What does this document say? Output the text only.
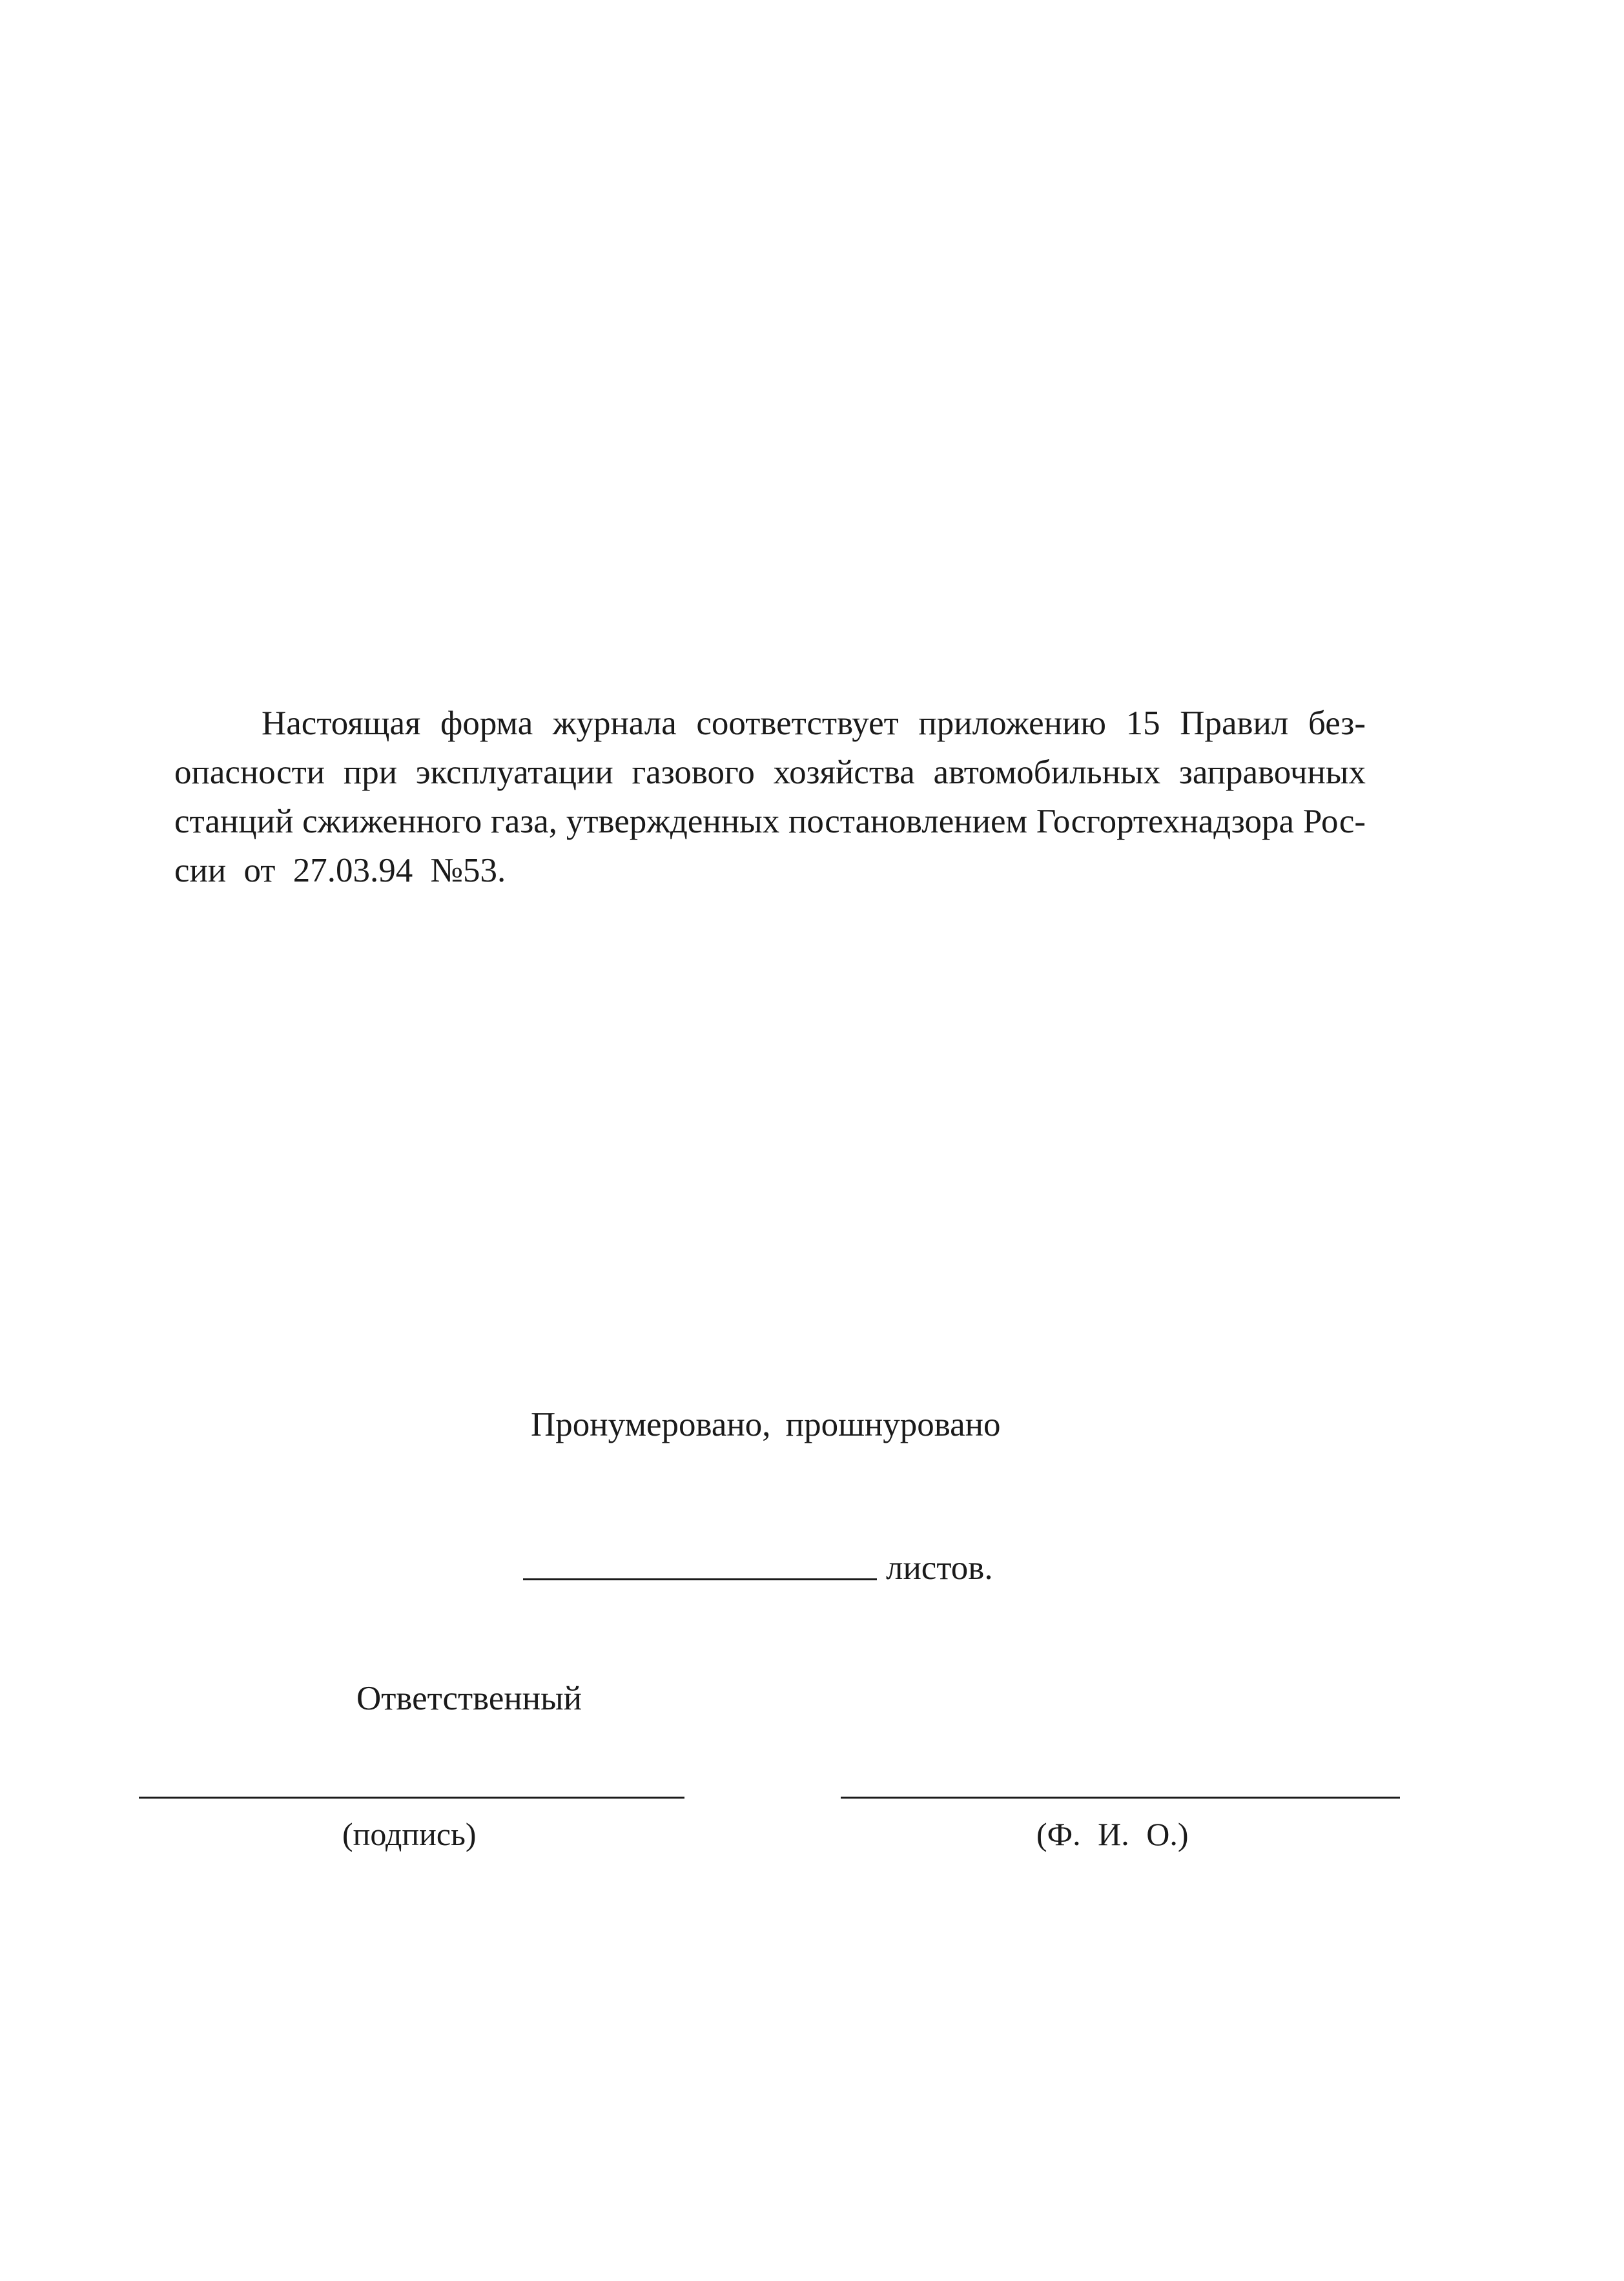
Настоящая форма журнала соответствует приложению 15 Правил без-
опасности при эксплуатации газового хозяйства автомобильных заправочных
станций сжиженного газа, утвержденных постановлением Госгортехнадзора Рос-
сии от 27.03.94 №53.
Пронумеровано, прошнуровано
листов.
Ответственный
(подпись)	(Ф. И. О.)
